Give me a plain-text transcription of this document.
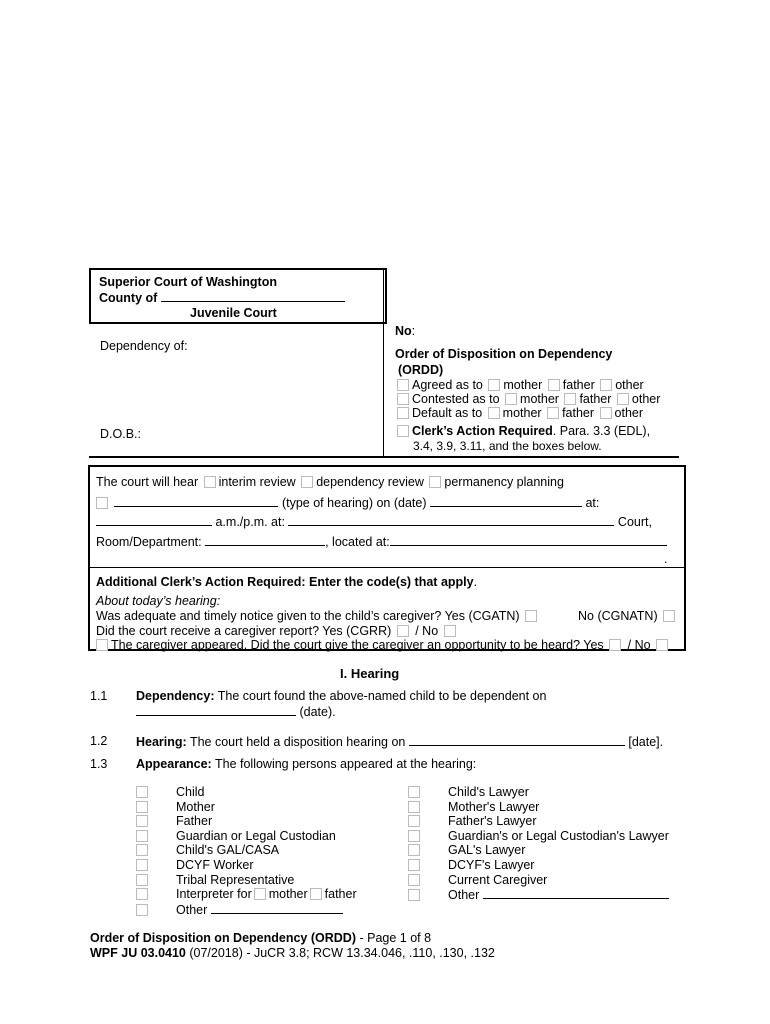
Superior Court of Washington
County of
Juvenile Court
Dependency of:
D.O.B.:
No:
Order of Disposition on Dependency
(ORDD)
Agreed as to mother father other
Contested as to mother father other
Default as to mother father other
Clerk’s Action Required. Para. 3.3 (EDL),
3.4, 3.9, 3.11, and the boxes below.
The court will hear interim review dependency review permanency planning
(type of hearing) on (date)	at:
a.m./p.m. at:	Court,
Room/Department:	, located at:
.
Additional Clerk’s Action Required: Enter the code(s) that apply.
About today’s hearing:
Was adequate and timely notice given to the child’s caregiver? Yes (CGATN)	No (CGNATN)
Did the court receive a caregiver report? Yes (CGRR) / No
The caregiver appeared. Did the court give the caregiver an opportunity to be heard? Yes / No
I. Hearing
1.1 Dependency: The court found the above-named child to be dependent on
(date).
1.2 Hearing: The court held a disposition hearing on	[date].
1.3 Appearance: The following persons appeared at the hearing:
Child
Mother
Father
Guardian or Legal Custodian
Child's GAL/CASA
DCYF Worker
Tribal Representative
Interpreter for mother father
Other
Child's Lawyer
Mother's Lawyer
Father's Lawyer
Guardian's or Legal Custodian's Lawyer
GAL's Lawyer
DCYF's Lawyer
Current Caregiver
Other
Order of Disposition on Dependency (ORDD) - Page 1 of 8
WPF JU 03.0410 (07/2018) - JuCR 3.8; RCW 13.34.046, .110, .130, .132
